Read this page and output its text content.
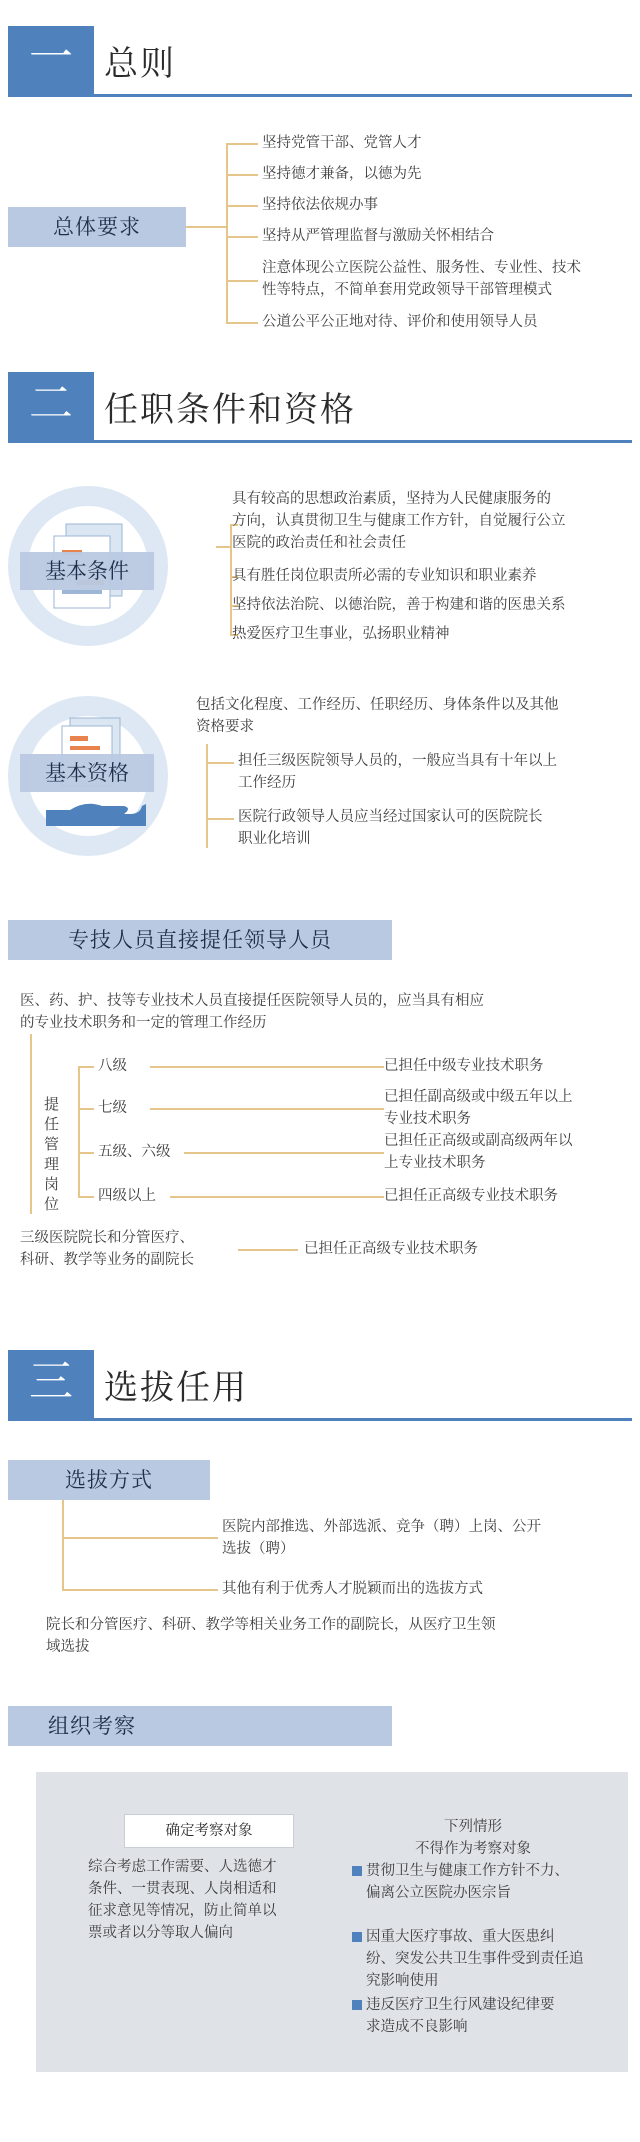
一 总则
总体要求
坚持党管干部、党管人才
坚持德才兼备，以德为先
坚持依法依规办事
坚持从严管理监督与激励关怀相结合
注意体现公立医院公益性、服务性、专业性、技术
性等特点，不简单套用党政领导干部管理模式
公道公平公正地对待、评价和使用领导人员
二 任职条件和资格
基本条件
具有较高的思想政治素质，坚持为人民健康服务的
方向，认真贯彻卫生与健康工作方针，自觉履行公立
医院的政治责任和社会责任
具有胜任岗位职责所必需的专业知识和职业素养
坚持依法治院、以德治院，善于构建和谐的医患关系
热爱医疗卫生事业，弘扬职业精神
基本资格
包括文化程度、工作经历、任职经历、身体条件以及其他
资格要求
担任三级医院领导人员的，一般应当具有十年以上
工作经历
医院行政领导人员应当经过国家认可的医院院长
职业化培训
专技人员直接提任领导人员
医、药、护、技等专业技术人员直接提任医院领导人员的，应当具有相应
的专业技术职务和一定的管理工作经历
提任管理岗位
八级	已担任中级专业技术职务
七级
已担任副高级或中级五年以上
专业技术职务
五级、六级
已担任正高级或副高级两年以
上专业技术职务
四级以上	已担任正高级专业技术职务
三级医院院长和分管医疗、
科研、教学等业务的副院长
已担任正高级专业技术职务
三 选拔任用
选拔方式
医院内部推选、外部选派、竞争（聘）上岗、公开
选拔（聘）
其他有利于优秀人才脱颖而出的选拔方式
院长和分管医疗、科研、教学等相关业务工作的副院长，从医疗卫生领
域选拔
组织考察
确定考察对象
综合考虑工作需要、人选德才
条件、一贯表现、人岗相适和
征求意见等情况，防止简单以
票或者以分等取人偏向
下列情形
不得作为考察对象
贯彻卫生与健康工作方针不力、
偏离公立医院办医宗旨
因重大医疗事故、重大医患纠
纷、突发公共卫生事件受到责任追
究影响使用
违反医疗卫生行风建设纪律要
求造成不良影响
